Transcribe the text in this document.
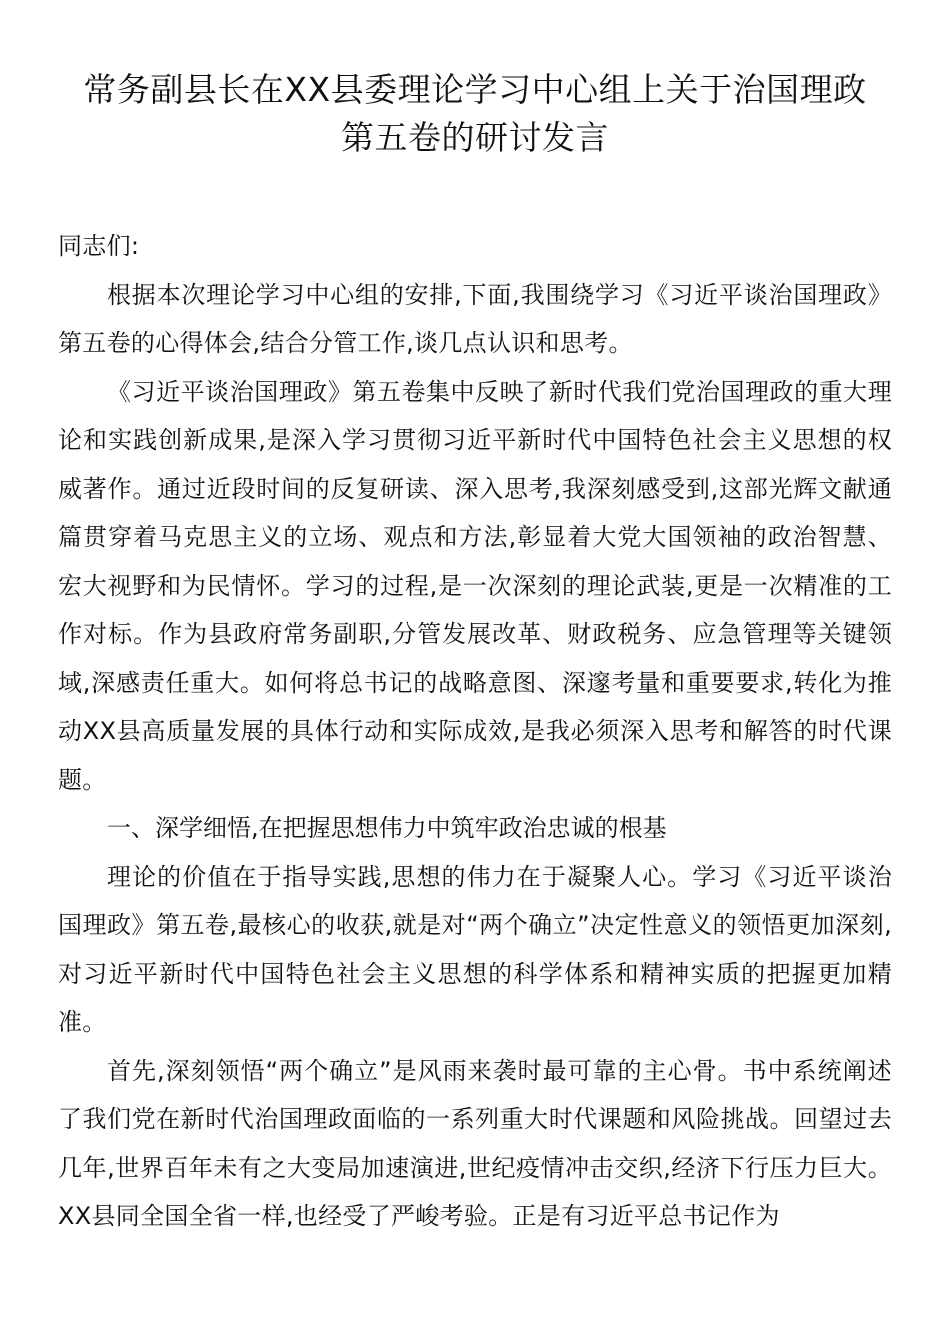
常务副县长在XX县委理论学习中心组上关于治国理政
第五卷的研讨发言

同志们:

根据本次理论学习中心组的安排,下面,我围绕学习《习近平谈治国理政》第五卷的心得体会,结合分管工作,谈几点认识和思考。

《习近平谈治国理政》第五卷集中反映了新时代我们党治国理政的重大理论和实践创新成果,是深入学习贯彻习近平新时代中国特色社会主义思想的权威著作。通过近段时间的反复研读、深入思考,我深刻感受到,这部光辉文献通篇贯穿着马克思主义的立场、观点和方法,彰显着大党大国领袖的政治智慧、宏大视野和为民情怀。学习的过程,是一次深刻的理论武装,更是一次精准的工作对标。作为县政府常务副职,分管发展改革、财政税务、应急管理等关键领域,深感责任重大。如何将总书记的战略意图、深邃考量和重要要求,转化为推动XX县高质量发展的具体行动和实际成效,是我必须深入思考和解答的时代课题。

一、深学细悟,在把握思想伟力中筑牢政治忠诚的根基

理论的价值在于指导实践,思想的伟力在于凝聚人心。学习《习近平谈治国理政》第五卷,最核心的收获,就是对“两个确立”决定性意义的领悟更加深刻,对习近平新时代中国特色社会主义思想的科学体系和精神实质的把握更加精准。

首先,深刻领悟“两个确立”是风雨来袭时最可靠的主心骨。书中系统阐述了我们党在新时代治国理政面临的一系列重大时代课题和风险挑战。回望过去几年,世界百年未有之大变局加速演进,世纪疫情冲击交织,经济下行压力巨大。XX县同全国全省一样,也经受了严峻考验。正是有习近平总书记作为
